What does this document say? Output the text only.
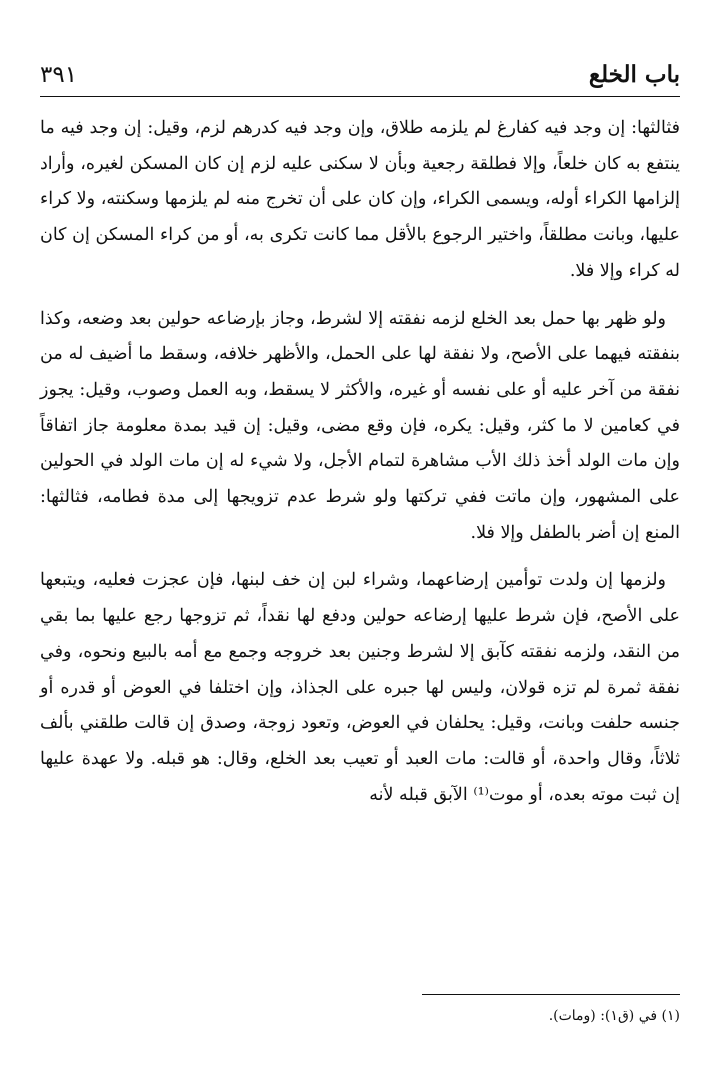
باب الخلع
٣٩١

فثالثها: إن وجد فيه كفارغ لم يلزمه طلاق، وإن وجد فيه كدرهم لزم، وقيل: إن وجد فيه ما ينتفع به كان خلعاً، وإلا فطلقة رجعية وبأن لا سكنى عليه لزم إن كان المسكن لغيره، وأراد إلزامها الكراء أوله، ويسمى الكراء، وإن كان على أن تخرج منه لم يلزمها وسكنته، ولا كراء عليها، وبانت مطلقاً، واختير الرجوع بالأقل مما كانت تكرى به، أو من كراء المسكن إن كان له كراء وإلا فلا.

ولو ظهر بها حمل بعد الخلع لزمه نفقته إلا لشرط، وجاز بإرضاعه حولين بعد وضعه، وكذا بنفقته فيهما على الأصح، ولا نفقة لها على الحمل، والأظهر خلافه، وسقط ما أضيف له من نفقة من آخر عليه أو على نفسه أو غيره، والأكثر لا يسقط، وبه العمل وصوب، وقيل: يجوز في كعامين لا ما كثر، وقيل: يكره، فإن وقع مضى، وقيل: إن قيد بمدة معلومة جاز اتفاقاً وإن مات الولد أخذ ذلك الأب مشاهرة لتمام الأجل، ولا شيء له إن مات الولد في الحولين على المشهور، وإن ماتت ففي تركتها ولو شرط عدم تزويجها إلى مدة فطامه، فثالثها: المنع إن أضر بالطفل وإلا فلا.

ولزمها إن ولدت توأمين إرضاعهما، وشراء لبن إن خف لبنها، فإن عجزت فعليه، ويتبعها على الأصح، فإن شرط عليها إرضاعه حولين ودفع لها نقداً، ثم تزوجها رجع عليها بما بقي من النقد، ولزمه نفقته كآبق إلا لشرط وجنين بعد خروجه وجمع مع أمه بالبيع ونحوه، وفي نفقة ثمرة لم تزه قولان، وليس لها جبره على الجذاذ، وإن اختلفا في العوض أو قدره أو جنسه حلفت وبانت، وقيل: يحلفان في العوض، وتعود زوجة، وصدق إن قالت طلقني بألف ثلاثاً، وقال واحدة، أو قالت: مات العبد أو تعيب بعد الخلع، وقال: هو قبله. ولا عهدة عليها إن ثبت موته بعده، أو موت⁽¹⁾ الآبق قبله لأنه

(١) في (ق١): (ومات).
